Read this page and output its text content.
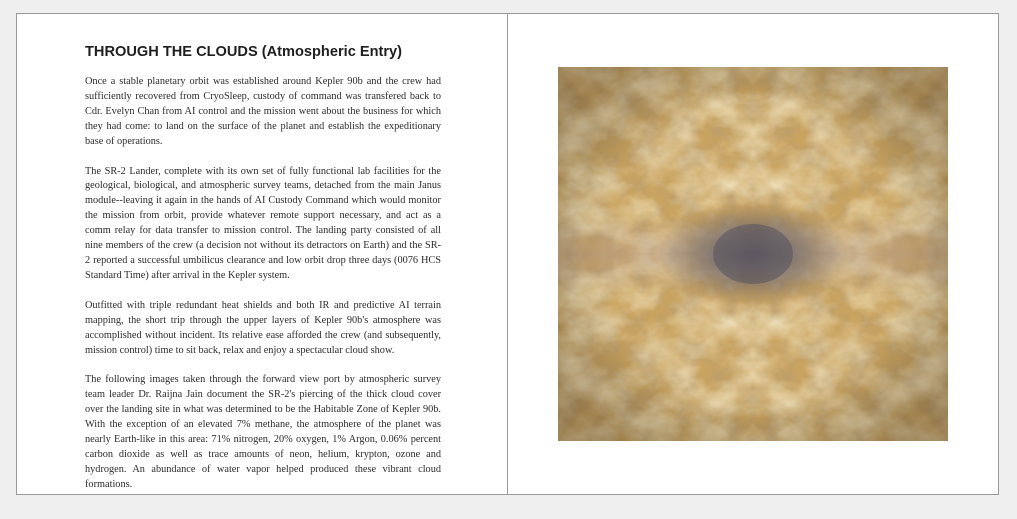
THROUGH THE CLOUDS (Atmospheric Entry)

Once a stable planetary orbit was established around Kepler 90b and the crew had sufficiently recovered from CryoSleep, custody of command was transfered back to Cdr. Evelyn Chan from AI control and the mission went about the business for which they had come: to land on the surface of the planet and establish the expeditionary base of operations.

The SR-2 Lander, complete with its own set of fully functional lab facilities for the geological, biological, and atmospheric survey teams, detached from the main Janus module--leaving it again in the hands of AI Custody Command which would monitor the mission from orbit, provide whatever remote support necessary, and act as a comm relay for data transfer to mission control. The landing party consisted of all nine members of the crew (a decision not without its detractors on Earth) and the SR-2 reported a successful umbilicus clearance and low orbit drop three days (0076 HCS Standard Time) after arrival in the Kepler system.

Outfitted with triple redundant heat shields and both IR and predictive AI terrain mapping, the short trip through the upper layers of Kepler 90b's atmosphere was accomplished without incident. Its relative ease afforded the crew (and subsequently, mission control) time to sit back, relax and enjoy a spectacular cloud show.

The following images taken through the forward view port by atmospheric survey team leader Dr. Raijna Jain document the SR-2's piercing of the thick cloud cover over the landing site in what was determined to be the Habitable Zone of Kepler 90b. With the exception of an elevated 7% methane, the atmosphere of the planet was nearly Earth-like in this area: 71% nitrogen, 20% oxygen, 1% Argon, 0.06% percent carbon dioxide as well as trace amounts of neon, helium, krypton, ozone and hydrogen. An abundance of water vapor helped produced these vibrant cloud formations.
